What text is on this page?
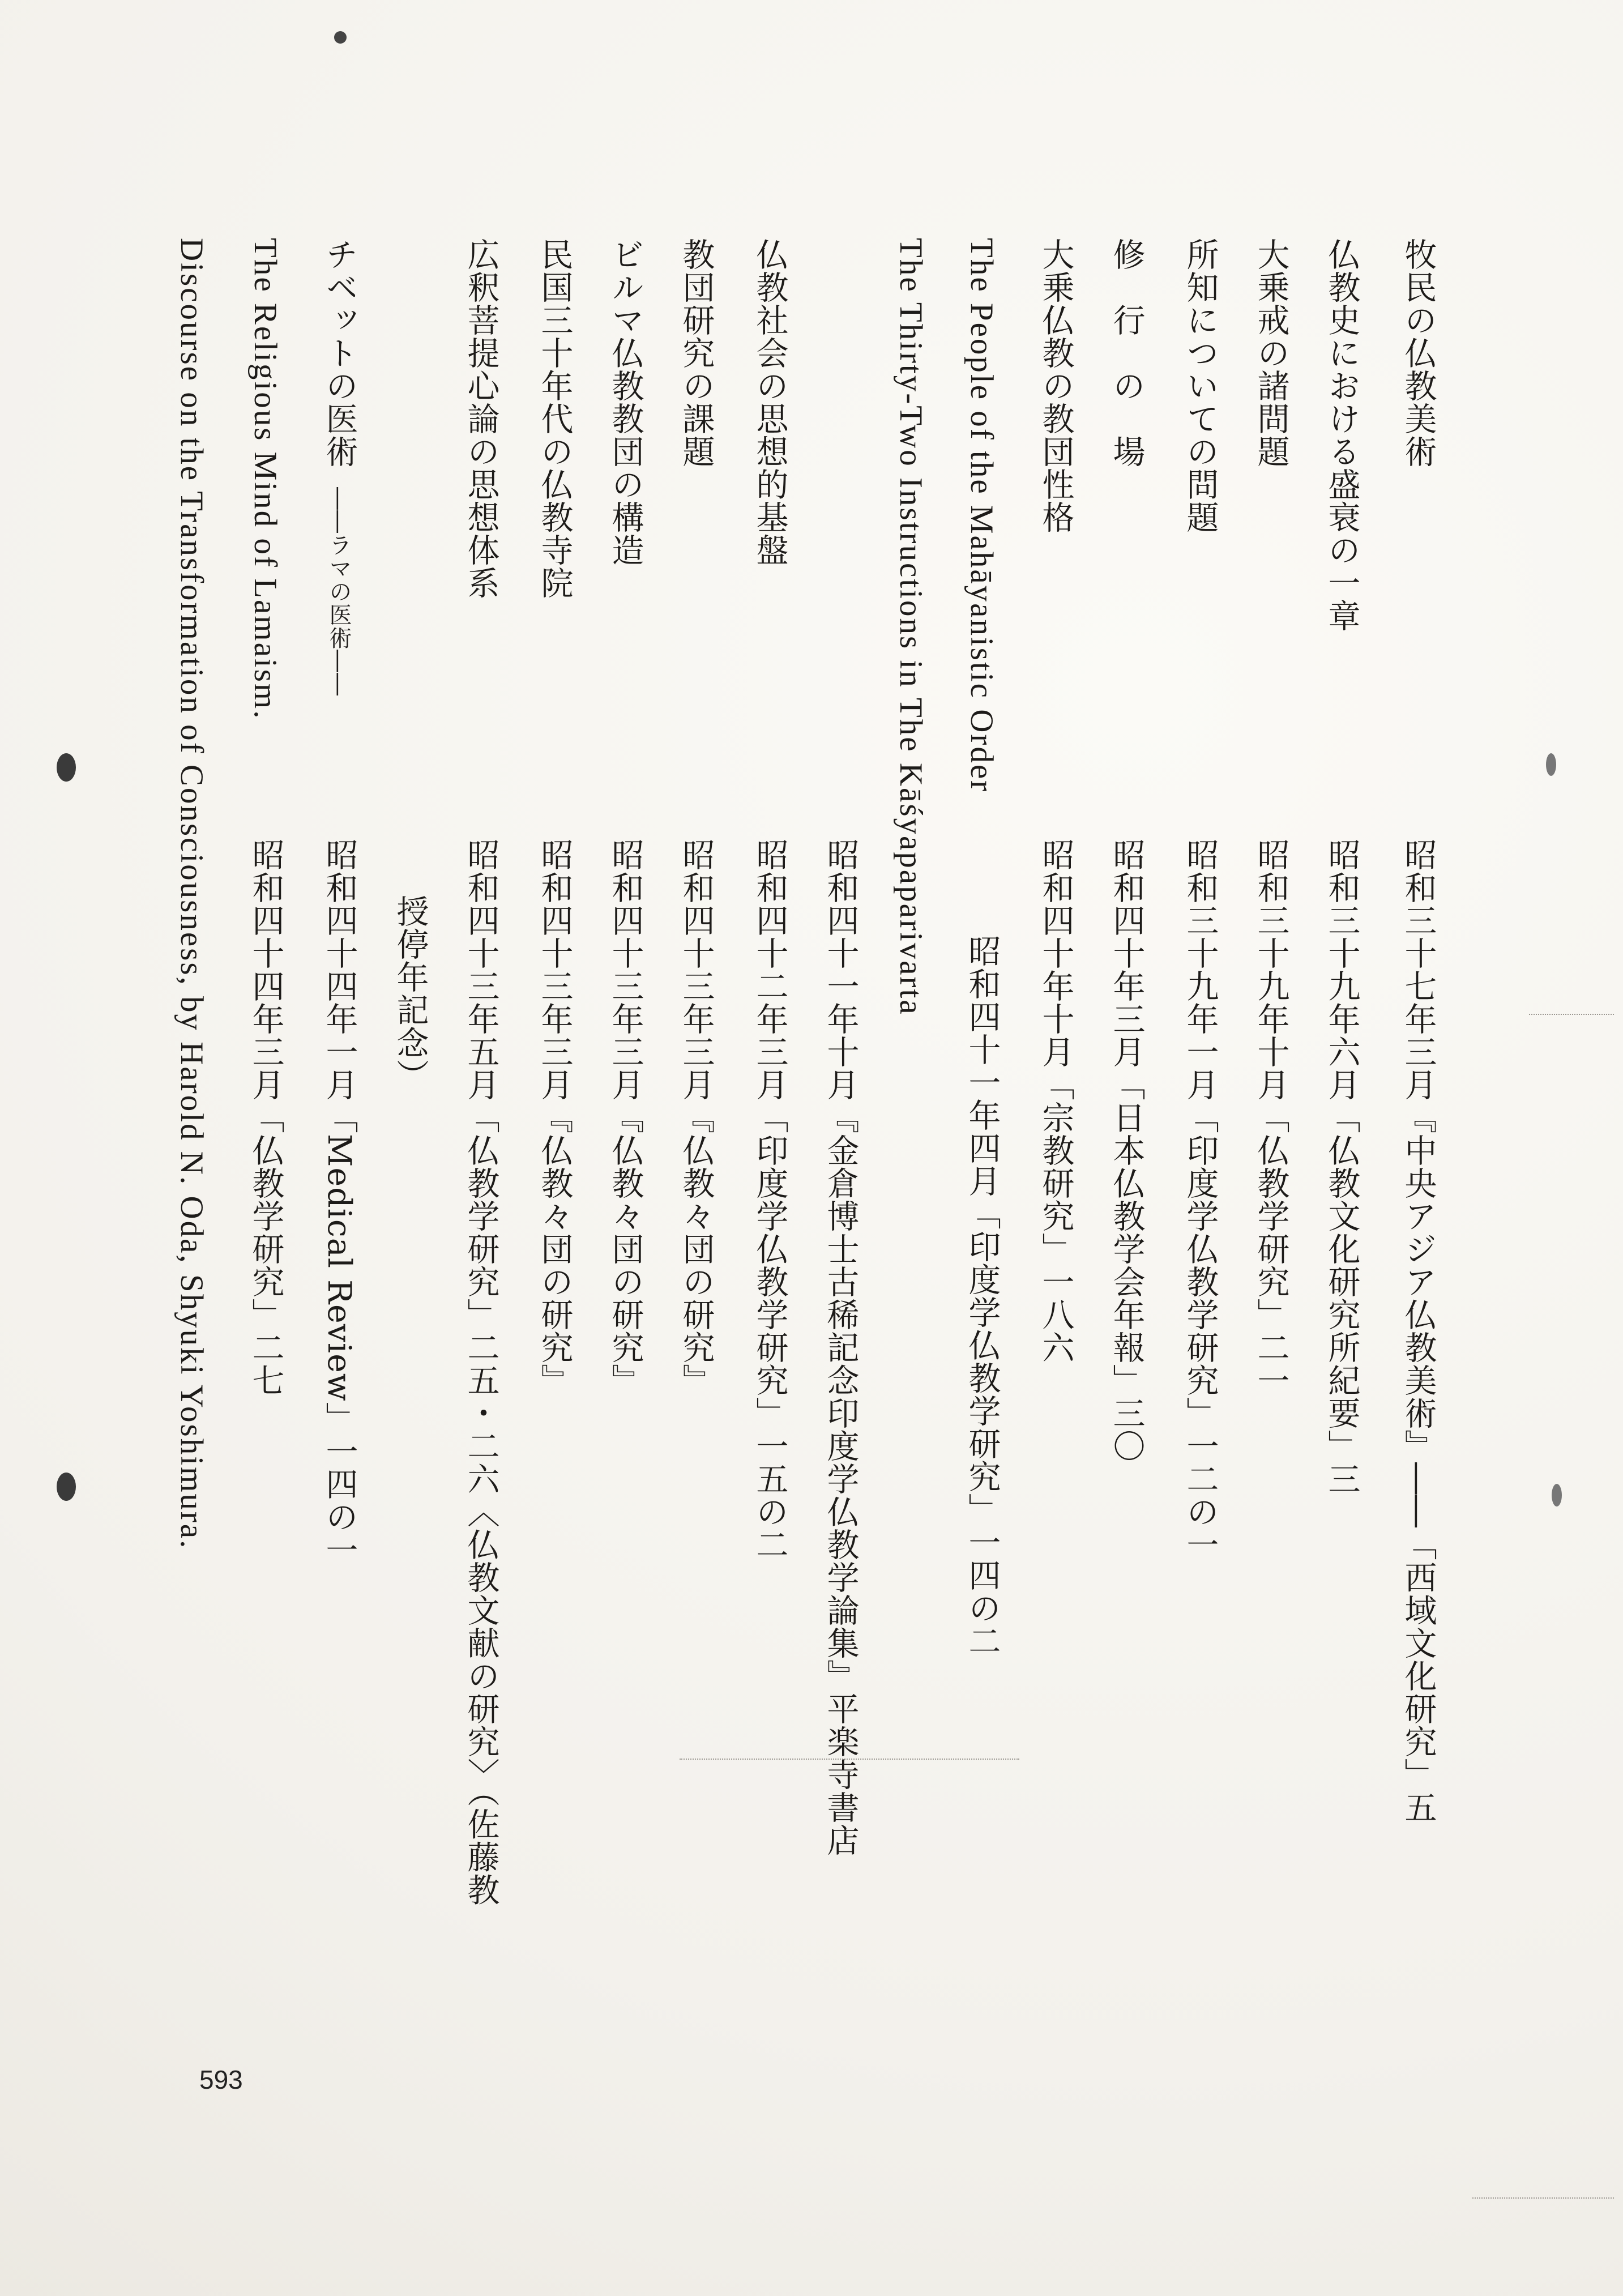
牧民の仏教美術
昭和三十七年三月『中央アジア仏教美術』――「西域文化研究」五
仏教史における盛衰の一章
昭和三十九年六月「仏教文化研究所紀要」三
大乗戒の諸問題
昭和三十九年十月「仏教学研究」二一
所知についての問題
昭和三十九年一月「印度学仏教学研究」一二の一
修　行　の　場
昭和四十年三月「日本仏教学会年報」三〇
大乗仏教の教団性格
昭和四十年十月「宗教研究」一八六
The People of the Mahāyanistic Order
昭和四十一年四月「印度学仏教学研究」一四の二
The Thirty-Two Instructions in The Kāśyapaparivarta
昭和四十一年十月『金倉博士古稀記念印度学仏教学論集』平楽寺書店
仏教社会の思想的基盤
昭和四十二年三月「印度学仏教学研究」一五の二
教団研究の課題
昭和四十三年三月『仏教々団の研究』
ビルマ仏教教団の構造
昭和四十三年三月『仏教々団の研究』
民国三十年代の仏教寺院
昭和四十三年三月『仏教々団の研究』
広釈菩提心論の思想体系
昭和四十三年五月「仏教学研究」二五・二六〈仏教文献の研究〉（佐藤教
授停年記念）
チベットの医術
――ラマの医術――
昭和四十四年一月「Medical Review」一四の一
The Religious Mind of Lamaism.
昭和四十四年三月「仏教学研究」二七
Discourse on the Transformation of Consciousness, by Harold N. Oda, Shyuki Yoshimura.
593
